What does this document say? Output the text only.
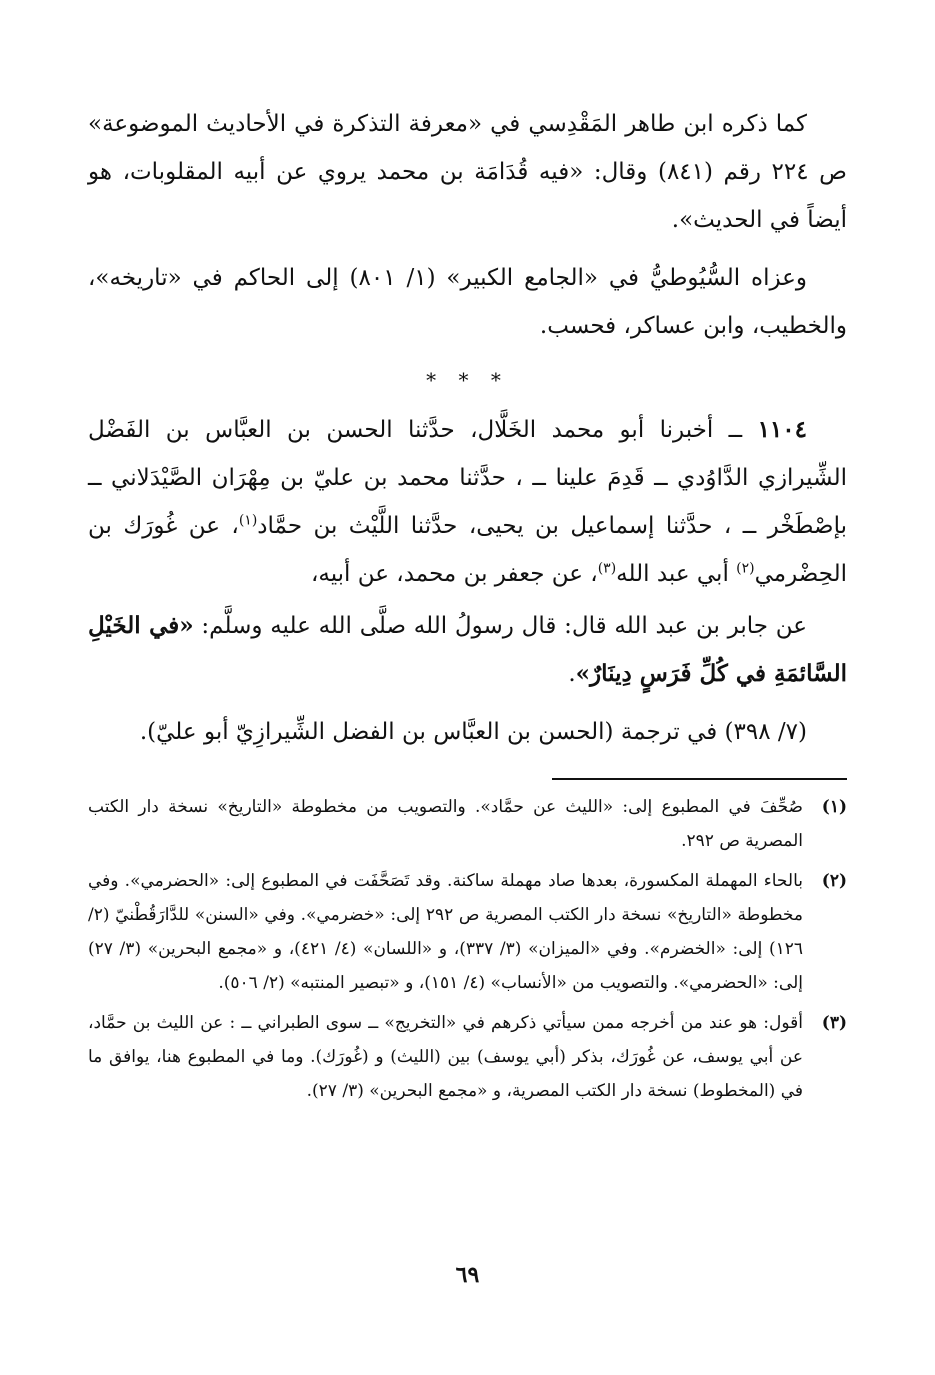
كما ذكره ابن طاهر المَقْدِسي في «معرفة التذكرة في الأحاديث الموضوعة» ص ٢٢٤ رقم (٨٤١) وقال: «فيه قُدَامَة بن محمد يروي عن أبيه المقلوبات، هو أيضاً في الحديث».

وعزاه السُّيُوطيُّ في «الجامع الكبير» (١/ ٨٠١) إلى الحاكم في «تاريخه»، والخطيب، وابن عساكر، فحسب.

* * *

١١٠٤ ــ أخبرنا أبو محمد الخَلَّال، حدَّثنا الحسن بن العبَّاس بن الفَضْل الشِّيرازي الدَّاوُدي ــ قَدِمَ علينا ــ ، حدَّثنا محمد بن عليّ بن مِهْرَان الصَّيْدَلاني ــ بإصْطَخْر ــ ، حدَّثنا إسماعيل بن يحيى، حدَّثنا اللَّيْث بن حمَّاد$^{(١)}$، عن غُورَك بن الحِضْرمي$^{(٢)}$ أبي عبد الله$^{(٣)}$، عن جعفر بن محمد، عن أبيه،

عن جابر بن عبد الله قال: قال رسولُ الله صلَّى الله عليه وسلَّم: «في الخَيْلِ السَّائمَةِ في كُلِّ فَرَسٍ دِينَارٌ».

(٧/ ٣٩٨) في ترجمة (الحسن بن العبَّاس بن الفضل الشِّيرازِيّ أبو عليّ).

(١)
صُحِّفَ في المطبوع إلى: «الليث عن حمَّاد». والتصويب من مخطوطة «التاريخ» نسخة دار الكتب المصرية ص ٢٩٢.
(٢)
بالحاء المهملة المكسورة، بعدها صاد مهملة ساكنة. وقد تَصَحَّفَت في المطبوع إلى: «الحضرمي». وفي مخطوطة «التاريخ» نسخة دار الكتب المصرية ص ٢٩٢ إلى: «خضرمي». وفي «السنن» للدَّارَقُطْنيّ (٢/ ١٢٦) إلى: «الخضرم». وفي «الميزان» (٣/ ٣٣٧)، و «اللسان» (٤/ ٤٢١)، و «مجمع البحرين» (٣/ ٢٧) إلى: «الحضرمي». والتصويب من «الأنساب» (٤/ ١٥١)، و «تبصير المنتبه» (٢/ ٥٠٦).
(٣)
أقول: هو عند من أخرجه ممن سيأتي ذكرهم في «التخريج» ــ سوى الطبراني ــ : عن الليث بن حمَّاد، عن أبي يوسف، عن غُورَك، بذكر (أبي يوسف) بين (الليث) و (غُورَك). وما في المطبوع هنا، يوافق ما في (المخطوط) نسخة دار الكتب المصرية، و «مجمع البحرين» (٣/ ٢٧).
٦٩
